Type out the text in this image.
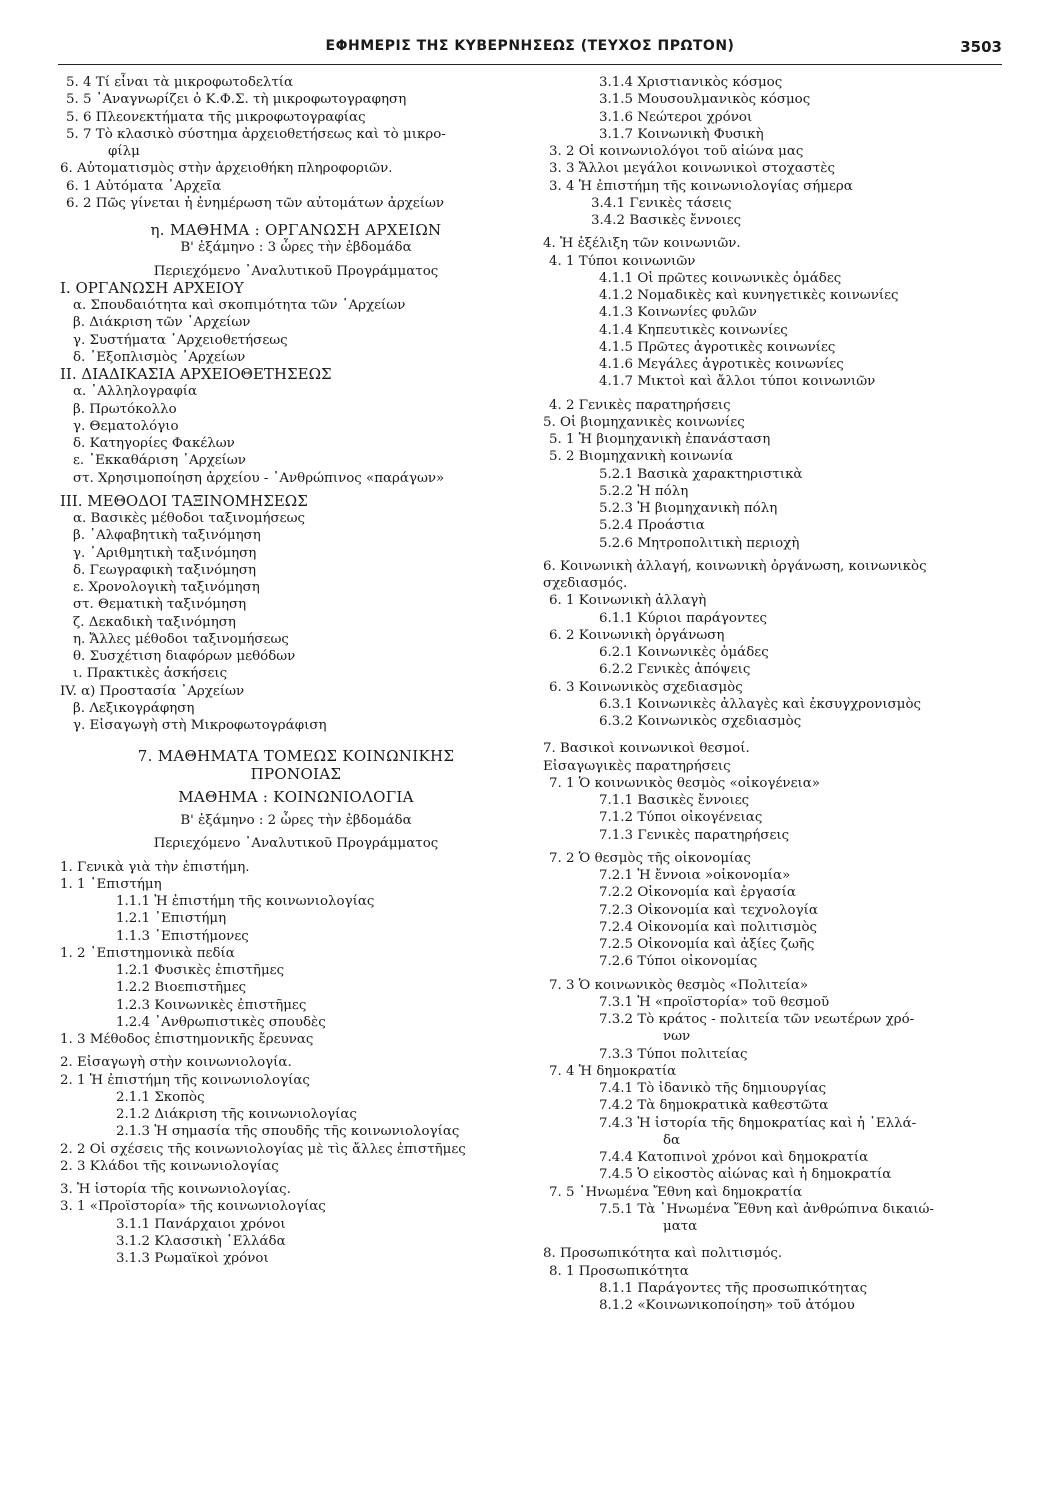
ΕΦΗΜΕΡΙΣ ΤΗΣ ΚΥΒΕΡΝΗΣΕΩΣ (ΤΕΥΧΟΣ ΠΡΩΤΟΝ)	3503
5. 4 Τί εἶναι τὰ μικροφωτοδελτία
5. 5 ᾿Αναγνωρίζει ὁ Κ.Φ.Σ. τὴ μικροφωτογραφηση
5. 6 Πλεονεκτήματα τῆς μικροφωτογραφίας
5. 7 Τὸ κλασικὸ σύστημα ἀρχειοθετήσεως καὶ τὸ μικρο-
φίλμ
6. Αὐτοματισμὸς στὴν ἀρχειοθήκη πληροφοριῶν.
6. 1 Αὐτόματα ᾿Αρχεῖα
6. 2 Πῶς γίνεται ἡ ἐνημέρωση τῶν αὐτομάτων ἀρχείων
η. ΜΑΘΗΜΑ : ΟΡΓΑΝΩΣΗ ΑΡΧΕΙΩΝ
Β' ἑξάμηνο : 3 ὧρες τὴν ἑβδομάδα
Περιεχόμενο ᾿Αναλυτικοῦ Προγράμματος
Ι. ΟΡΓΑΝΩΣΗ ΑΡΧΕΙΟΥ
α. Σπουδαιότητα καὶ σκοπιμότητα τῶν ᾿Αρχείων
β. Διάκριση τῶν ᾿Αρχείων
γ. Συστήματα ᾿Αρχειοθετήσεως
δ. ᾿Εξοπλισμὸς ᾿Αρχείων
ΙΙ. ΔΙΑΔΙΚΑΣΙΑ ΑΡΧΕΙΟΘΕΤΗΣΕΩΣ
α. ᾿Αλληλογραφία
β. Πρωτόκολλο
γ. Θεματολόγιο
δ. Κατηγορίες Φακέλων
ε. ᾿Εκκαθάριση ᾿Αρχείων
στ. Χρησιμοποίηση ἀρχείου - ᾿Ανθρώπινος «παράγων»
ΙΙΙ. ΜΕΘΟΔΟΙ ΤΑΞΙΝΟΜΗΣΕΩΣ
α. Βασικὲς μέθοδοι ταξινομήσεως
β. ᾿Αλφαβητικὴ ταξινόμηση
γ. ᾿Αριθμητικὴ ταξινόμηση
δ. Γεωγραφικὴ ταξινόμηση
ε. Χρονολογικὴ ταξινόμηση
στ. Θεματικὴ ταξινόμηση
ζ. Δεκαδικὴ ταξινόμηση
η. Ἄλλες μέθοδοι ταξινομήσεως
θ. Συσχέτιση διαφόρων μεθόδων
ι. Πρακτικὲς ἀσκήσεις
IV. α) Προστασία ᾿Αρχείων
β. Λεξικογράφηση
γ. Εἰσαγωγὴ στὴ Μικροφωτογράφιση
7. ΜΑΘΗΜΑΤΑ ΤΟΜΕΩΣ ΚΟΙΝΩΝΙΚΗΣ
ΠΡΟΝΟΙΑΣ
ΜΑΘΗΜΑ : ΚΟΙΝΩΝΙΟΛΟΓΙΑ
Β' ἑξάμηνο : 2 ὧρες τὴν ἑβδομάδα
Περιεχόμενο ᾿Αναλυτικοῦ Προγράμματος
1. Γενικὰ γιὰ τὴν ἐπιστήμη.
1. 1 ᾿Επιστήμη
1.1.1 Ἡ ἐπιστήμη τῆς κοινωνιολογίας
1.2.1 ᾿Επιστήμη
1.1.3 ᾿Επιστήμονες
1. 2 ᾿Επιστημονικὰ πεδία
1.2.1 Φυσικὲς ἐπιστῆμες
1.2.2 Βιοεπιστῆμες
1.2.3 Κοινωνικὲς ἐπιστῆμες
1.2.4 ᾿Ανθρωπιστικὲς σπουδὲς
1. 3 Μέθοδος ἐπιστημονικῆς ἔρευνας
2. Εἰσαγωγὴ στὴν κοινωνιολογία.
2. 1 Ἡ ἐπιστήμη τῆς κοινωνιολογίας
2.1.1 Σκοπὸς
2.1.2 Διάκριση τῆς κοινωνιολογίας
2.1.3 Ἡ σημασία τῆς σπουδῆς τῆς κοινωνιολογίας
2. 2 Οἱ σχέσεις τῆς κοινωνιολογίας μὲ τὶς ἄλλες ἐπιστῆμες
2. 3 Κλάδοι τῆς κοινωνιολογίας
3. Ἡ ἱστορία τῆς κοινωνιολογίας.
3. 1 «Προϊστορία» τῆς κοινωνιολογίας
3.1.1 Πανάρχαιοι χρόνοι
3.1.2 Κλασσικὴ ῾Ελλάδα
3.1.3 Ρωμαϊκοὶ χρόνοι
3.1.4 Χριστιανικὸς κόσμος
3.1.5 Μουσουλμανικὸς κόσμος
3.1.6 Νεώτεροι χρόνοι
3.1.7 Κοινωνικὴ Φυσικὴ
3. 2 Οἱ κοινωνιολόγοι τοῦ αἰώνα μας
3. 3 Ἄλλοι μεγάλοι κοινωνικοὶ στοχαστὲς
3. 4 Ἡ ἐπιστήμη τῆς κοινωνιολογίας σήμερα
3.4.1 Γενικὲς τάσεις
3.4.2 Βασικὲς ἔννοιες
4. Ἡ ἐξέλιξη τῶν κοινωνιῶν.
4. 1 Τύποι κοινωνιῶν
4.1.1 Οἱ πρῶτες κοινωνικὲς ὁμάδες
4.1.2 Νομαδικὲς καὶ κυνηγετικὲς κοινωνίες
4.1.3 Κοινωνίες φυλῶν
4.1.4 Κηπευτικὲς κοινωνίες
4.1.5 Πρῶτες ἀγροτικὲς κοινωνίες
4.1.6 Μεγάλες ἀγροτικὲς κοινωνίες
4.1.7 Μικτοὶ καὶ ἄλλοι τύποι κοινωνιῶν
4. 2 Γενικὲς παρατηρήσεις
5. Οἱ βιομηχανικὲς κοινωνίες
5. 1 Ἡ βιομηχανικὴ ἐπανάσταση
5. 2 Βιομηχανικὴ κοινωνία
5.2.1 Βασικὰ χαρακτηριστικὰ
5.2.2 Ἡ πόλη
5.2.3 Ἡ βιομηχανικὴ πόλη
5.2.4 Προάστια
5.2.6 Μητροπολιτικὴ περιοχὴ
6. Κοινωνικὴ ἀλλαγή, κοινωνικὴ ὀργάνωση, κοινωνικὸς
σχεδιασμός.
6. 1 Κοινωνικὴ ἀλλαγὴ
6.1.1 Κύριοι παράγοντες
6. 2 Κοινωνικὴ ὀργάνωση
6.2.1 Κοινωνικὲς ὁμάδες
6.2.2 Γενικὲς ἀπόψεις
6. 3 Κοινωνικὸς σχεδιασμὸς
6.3.1 Κοινωνικὲς ἀλλαγὲς καὶ ἐκσυγχρονισμὸς
6.3.2 Κοινωνικὸς σχεδιασμὸς
7. Βασικοὶ κοινωνικοὶ θεσμοί.
Εἰσαγωγικὲς παρατηρήσεις
7. 1 Ὁ κοινωνικὸς θεσμὸς «οἰκογένεια»
7.1.1 Βασικὲς ἔννοιες
7.1.2 Τύποι οἰκογένειας
7.1.3 Γενικὲς παρατηρήσεις
7. 2 Ὁ θεσμὸς τῆς οἰκονομίας
7.2.1 Ἡ ἔννοια »οἰκονομία»
7.2.2 Οἰκονομία καὶ ἐργασία
7.2.3 Οἰκονομία καὶ τεχνολογία
7.2.4 Οἰκονομία καὶ πολιτισμὸς
7.2.5 Οἰκονομία καὶ ἀξίες ζωῆς
7.2.6 Τύποι οἰκονομίας
7. 3 Ὁ κοινωνικὸς θεσμὸς «Πολιτεία»
7.3.1 Ἡ «προϊστορία» τοῦ θεσμοῦ
7.3.2 Τὸ κράτος - πολιτεία τῶν νεωτέρων χρό-
νων
7.3.3 Τύποι πολιτείας
7. 4 Ἡ δημοκρατία
7.4.1 Τὸ ἰδανικὸ τῆς δημιουργίας
7.4.2 Τὰ δημοκρατικὰ καθεστῶτα
7.4.3 Ἡ ἱστορία τῆς δημοκρατίας καὶ ἡ ῾Ελλά-
δα
7.4.4 Κατοπινοὶ χρόνοι καὶ δημοκρατία
7.4.5 Ὁ εἰκοστὸς αἰώνας καὶ ἡ δημοκρατία
7. 5 ῾Ηνωμένα Ἔθνη καὶ δημοκρατία
7.5.1 Τὰ ῾Ηνωμένα Ἔθνη καὶ ἀνθρώπινα δικαιώ-
ματα
8. Προσωπικότητα καὶ πολιτισμός.
8. 1 Προσωπικότητα
8.1.1 Παράγοντες τῆς προσωπικότητας
8.1.2 «Κοινωνικοποίηση» τοῦ ἀτόμου
